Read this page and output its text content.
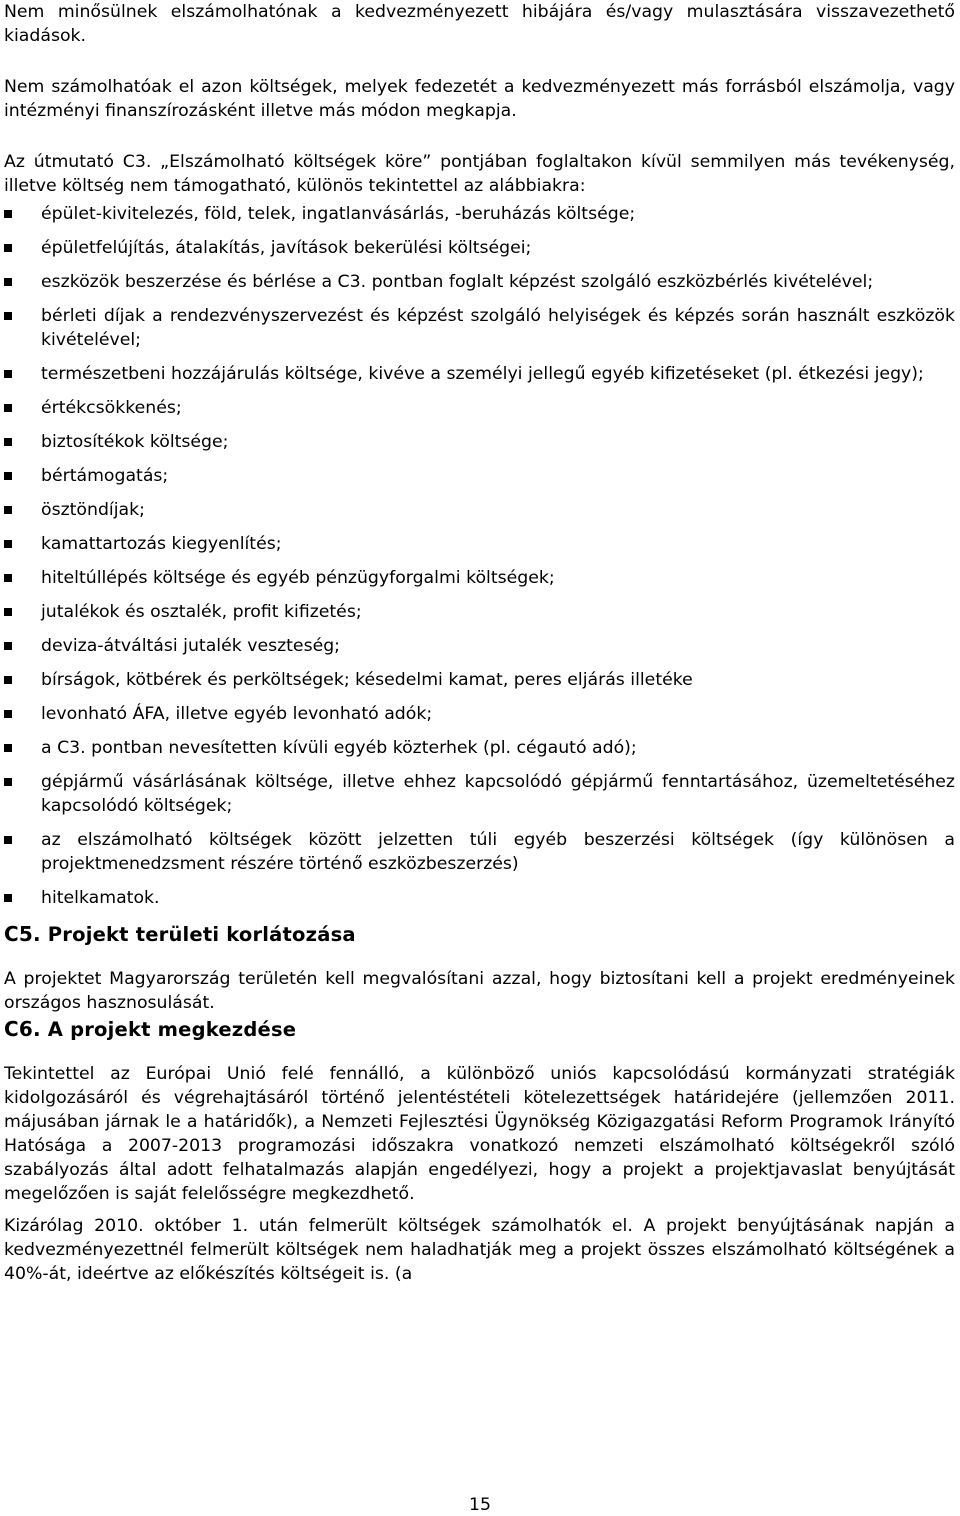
Nem minősülnek elszámolhatónak a kedvezményezett hibájára és/vagy mulasztására visszavezethető kiadások.

Nem számolhatóak el azon költségek, melyek fedezetét a kedvezményezett más forrásból elszámolja, vagy intézményi finanszírozásként illetve más módon megkapja.

Az útmutató C3. „Elszámolható költségek köre” pontjában foglaltakon kívül semmilyen más tevékenység, illetve költség nem támogatható, különös tekintettel az alábbiakra:

épület-kivitelezés, föld, telek, ingatlanvásárlás, -beruházás költsége;
épületfelújítás, átalakítás, javítások bekerülési költségei;
eszközök beszerzése és bérlése a C3. pontban foglalt képzést szolgáló eszközbérlés kivételével;
bérleti díjak a rendezvényszervezést és képzést szolgáló helyiségek és képzés során használt eszközök kivételével;
természetbeni hozzájárulás költsége, kivéve a személyi jellegű egyéb kifizetéseket (pl. étkezési jegy);
értékcsökkenés;
biztosítékok költsége;
bértámogatás;
ösztöndíjak;
kamattartozás kiegyenlítés;
hiteltúllépés költsége és egyéb pénzügyforgalmi költségek;
jutalékok és osztalék, profit kifizetés;
deviza-átváltási jutalék veszteség;
bírságok, kötbérek és perköltségek; késedelmi kamat, peres eljárás illetéke
levonható ÁFA, illetve egyéb levonható adók;
a C3. pontban nevesítetten kívüli egyéb közterhek (pl. cégautó adó);
gépjármű vásárlásának költsége, illetve ehhez kapcsolódó gépjármű fenntartásához, üzemeltetéséhez kapcsolódó költségek;
az elszámolható költségek között jelzetten túli egyéb beszerzési költségek (így különösen a projektmenedzsment részére történő eszközbeszerzés)
hitelkamatok.
C5. Projekt területi korlátozása

A projektet Magyarország területén kell megvalósítani azzal, hogy biztosítani kell a projekt eredményeinek országos hasznosulását.

C6. A projekt megkezdése

Tekintettel az Európai Unió felé fennálló, a különböző uniós kapcsolódású kormányzati stratégiák kidolgozásáról és végrehajtásáról történő jelentéstételi kötelezettségek határidejére (jellemzően 2011. májusában járnak le a határidők), a Nemzeti Fejlesztési Ügynökség Közigazgatási Reform Programok Irányító Hatósága a 2007-2013 programozási időszakra vonatkozó nemzeti elszámolható költségekről szóló szabályozás által adott felhatalmazás alapján engedélyezi, hogy a projekt a projektjavaslat benyújtását megelőzően is saját felelősségre megkezdhető.

Kizárólag 2010. október 1. után felmerült költségek számolhatók el. A projekt benyújtásának napján a kedvezményezettnél felmerült költségek nem haladhatják meg a projekt összes elszámolható költségének a 40%-át, ideértve az előkészítés költségeit is. (a

15
